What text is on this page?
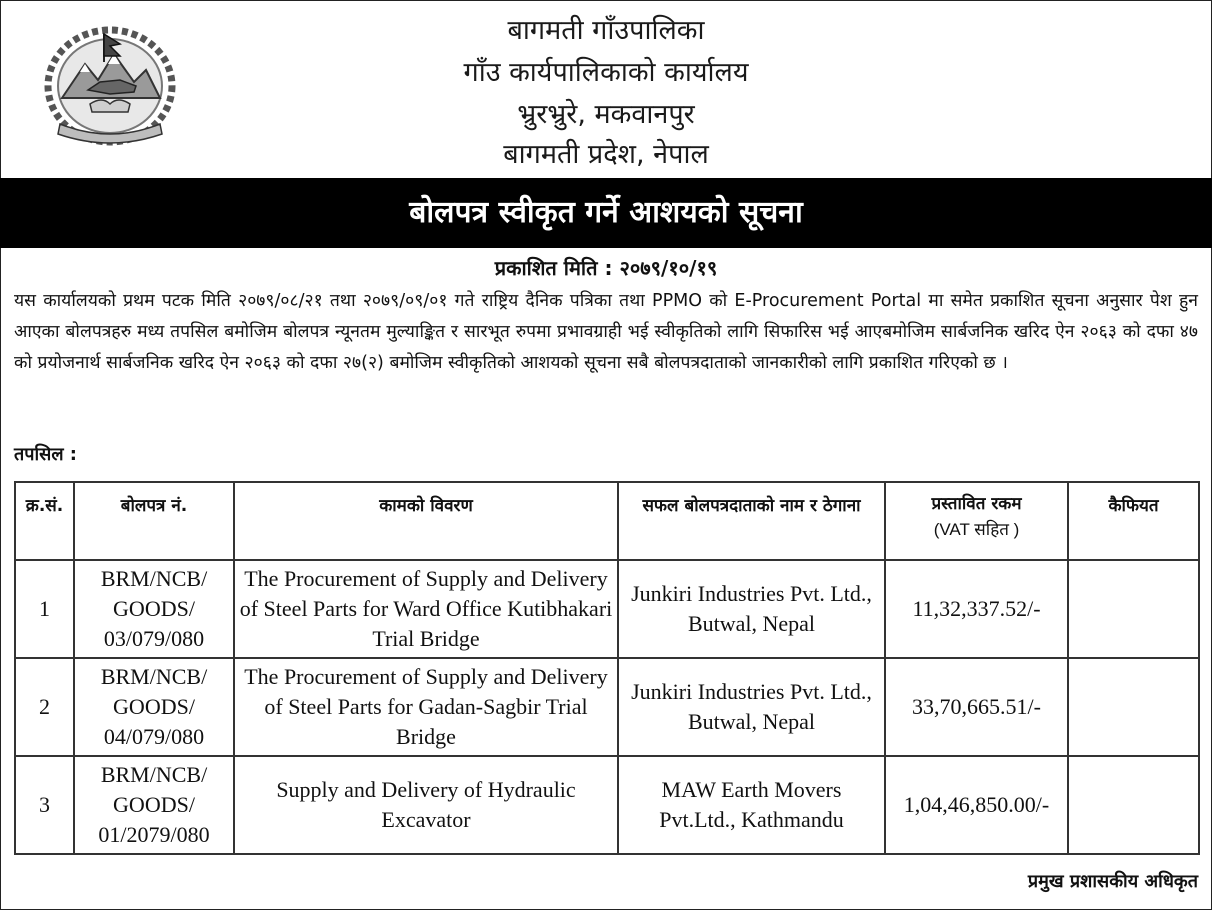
बागमती गाँउपालिका
गाँउ कार्यपालिकाको कार्यालय
भ्रुरभ्रुरे, मकवानपुर
बागमती प्रदेश, नेपाल
बोलपत्र स्वीकृत गर्ने आशयको सूचना
प्रकाशित मिति : २०७९/१०/१९

यस कार्यालयको प्रथम पटक मिति २०७९/०८/२१ तथा २०७९/०९/०१ गते राष्ट्रिय दैनिक पत्रिका तथा PPMO को E-Procurement Portal मा समेत प्रकाशित सूचना अनुसार पेश हुन आएका बोलपत्रहरु मध्य तपसिल बमोजिम बोलपत्र न्यूनतम मुल्याङ्कित र सारभूत रुपमा प्रभावग्राही भई स्वीकृतिको लागि सिफारिस भई आएबमोजिम सार्बजनिक खरिद ऐन २०६३ को दफा ४७ को प्रयोजनार्थ सार्बजनिक खरिद ऐन २०६३ को दफा २७(२) बमोजिम स्वीकृतिको आशयको सूचना सबै बोलपत्रदाताको जानकारीको लागि प्रकाशित गरिएको छ ।

तपसिल :
क्र.सं.	बोलपत्र नं.	कामको विवरण	सफल बोलपत्रदाताको नाम र ठेगाना	प्रस्तावित रकम
(VAT सहित )	कैफियत
1	BRM/NCB/ GOODS/ 03/079/080	The Procurement of Supply and Delivery of Steel Parts for Ward Office Kutibhakari Trial Bridge	Junkiri Industries Pvt. Ltd., Butwal, Nepal	11,32,337.52/-	
2	BRM/NCB/ GOODS/ 04/079/080	The Procurement of Supply and Delivery of Steel Parts for Gadan-Sagbir Trial Bridge	Junkiri Industries Pvt. Ltd., Butwal, Nepal	33,70,665.51/-	
3	BRM/NCB/ GOODS/ 01/2079/080	Supply and Delivery of Hydraulic Excavator	MAW Earth Movers Pvt.Ltd., Kathmandu	1,04,46,850.00/-	
प्रमुख प्रशासकीय अधिकृत
